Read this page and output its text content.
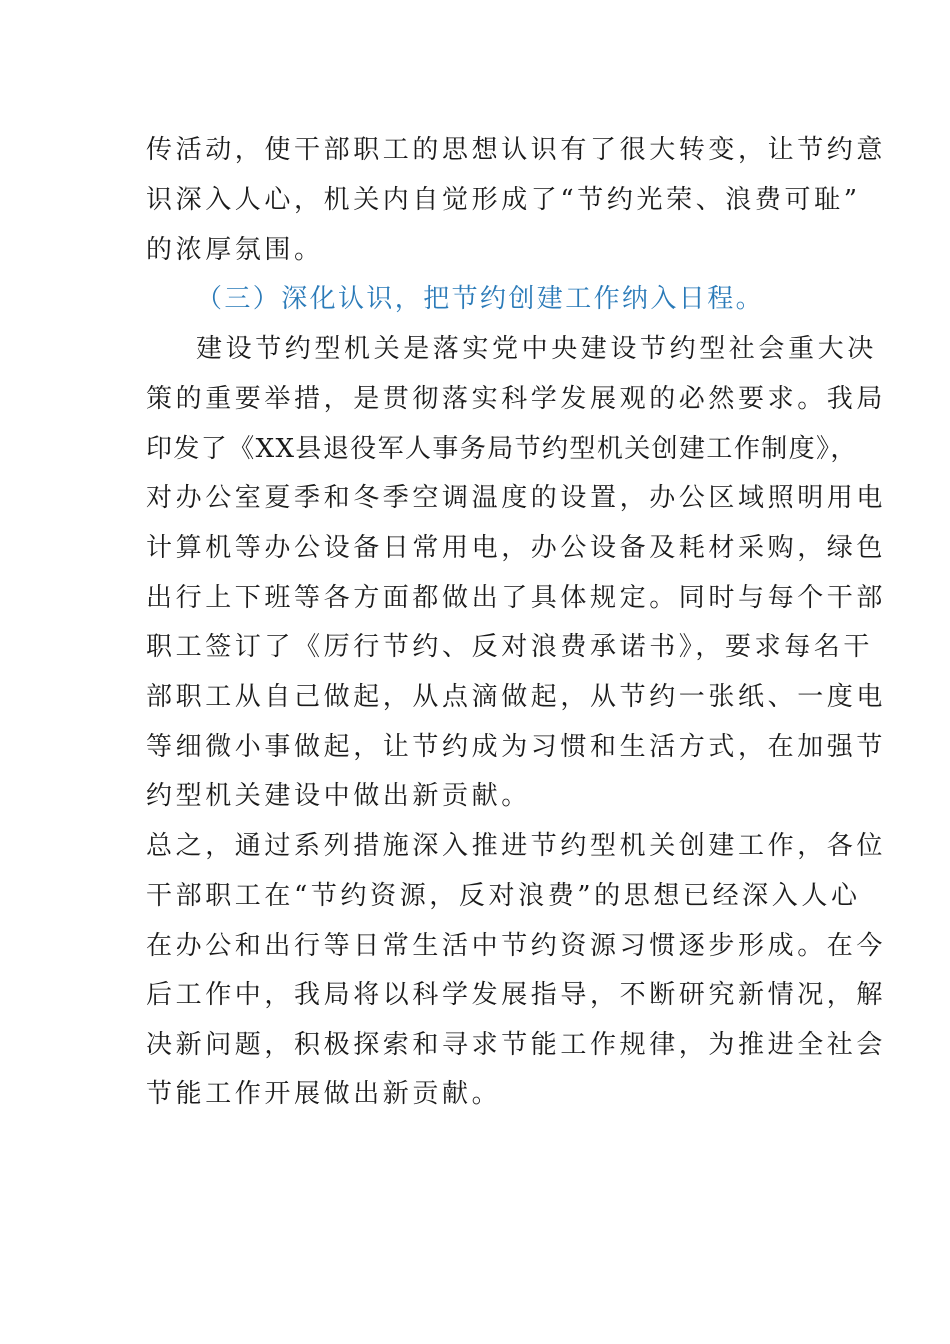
传活动，使干部职工的思想认识有了很大转变，让节约意
识深入人心，机关内自觉形成了“节约光荣、浪费可耻”
的浓厚氛围。
（三）深化认识，把节约创建工作纳入日程。
建设节约型机关是落实党中央建设节约型社会重大决
策的重要举措，是贯彻落实科学发展观的必然要求。我局
印发了《XX县退役军人事务局节约型机关创建工作制度》，
对办公室夏季和冬季空调温度的设置，办公区域照明用电
计算机等办公设备日常用电，办公设备及耗材采购，绿色
出行上下班等各方面都做出了具体规定。同时与每个干部
职工签订了《厉行节约、反对浪费承诺书》，要求每名干
部职工从自己做起，从点滴做起，从节约一张纸、一度电
等细微小事做起，让节约成为习惯和生活方式，在加强节
约型机关建设中做出新贡献。
总之，通过系列措施深入推进节约型机关创建工作，各位
干部职工在“节约资源，反对浪费”的思想已经深入人心
在办公和出行等日常生活中节约资源习惯逐步形成。在今
后工作中，我局将以科学发展指导，不断研究新情况，解
决新问题，积极探索和寻求节能工作规律，为推进全社会
节能工作开展做出新贡献。
